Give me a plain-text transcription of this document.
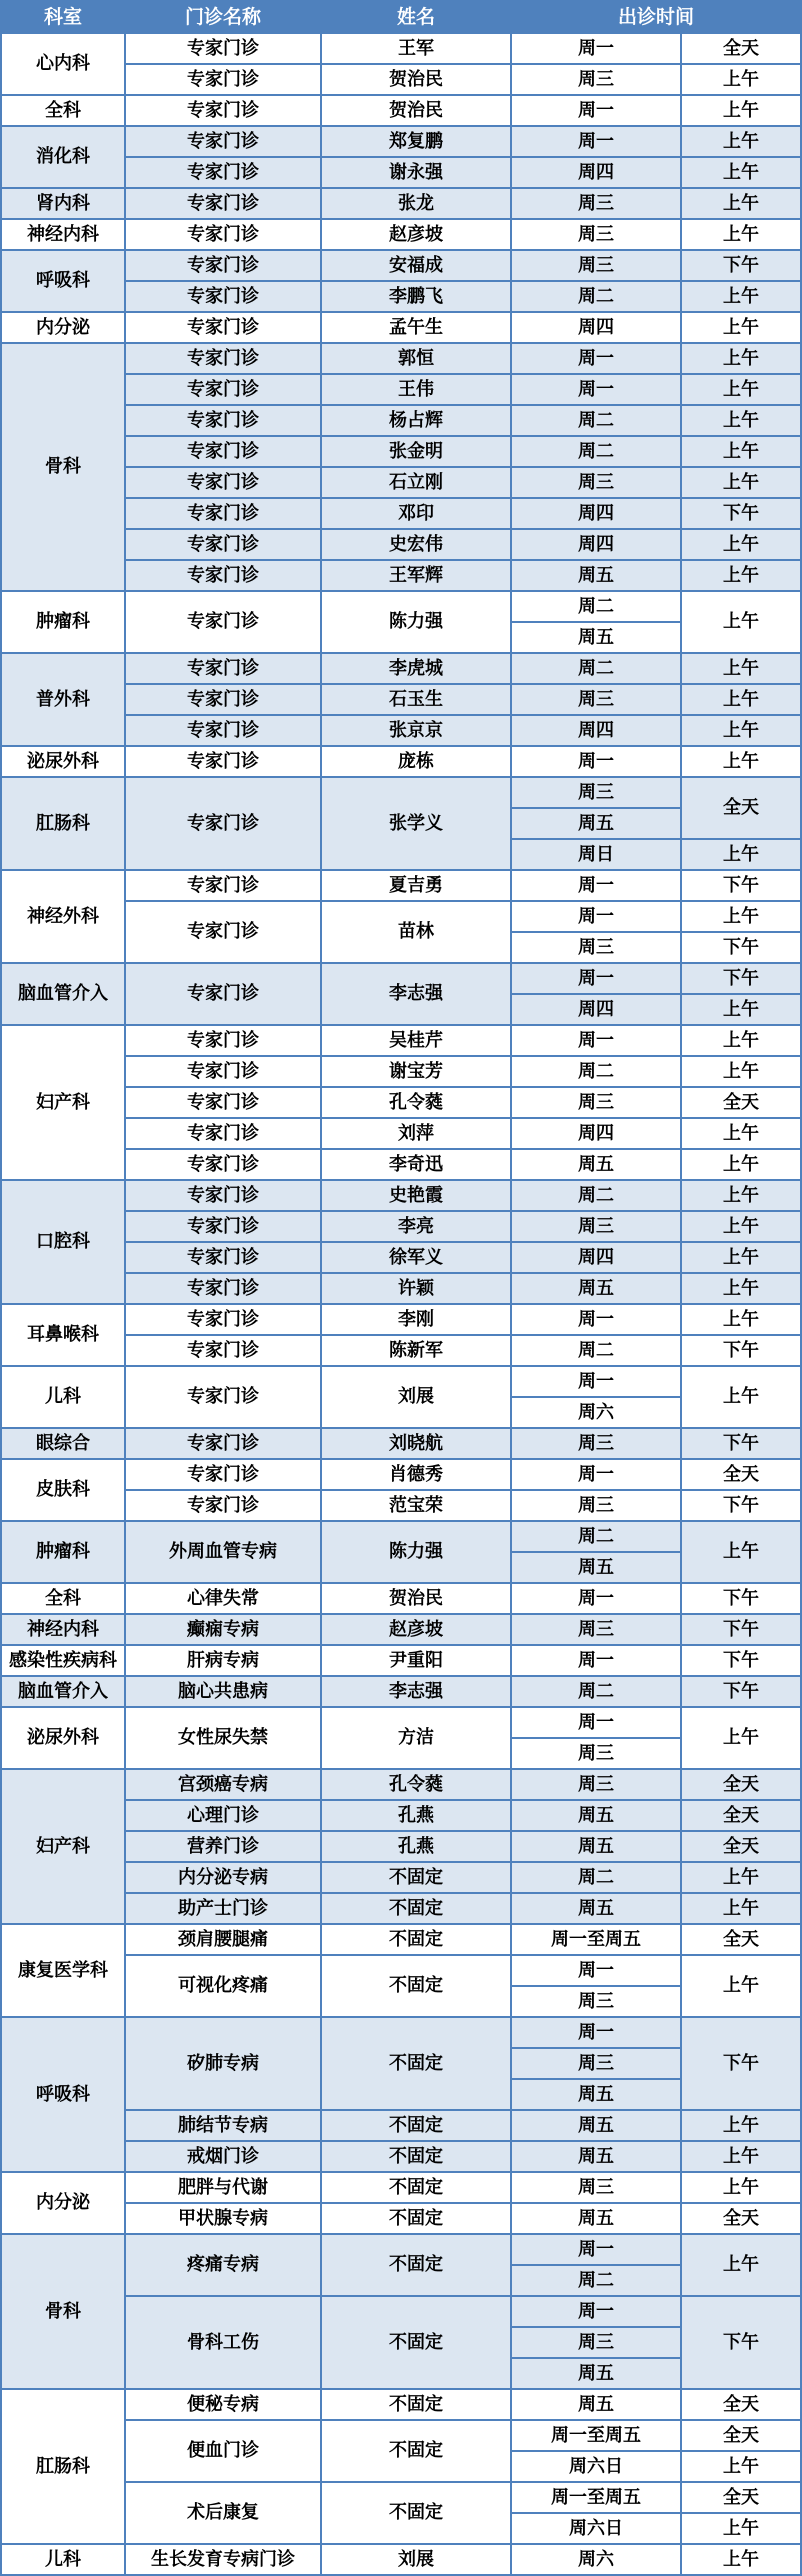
科室	门诊名称	姓名	出诊时间	
心内科	专家门诊	王军	周一	全天
	专家门诊	贺治民	周三	上午
全科	专家门诊	贺治民	周一	上午
消化科	专家门诊	郑复鹏	周一	上午
	专家门诊	谢永强	周四	上午
肾内科	专家门诊	张龙	周三	上午
神经内科	专家门诊	赵彦坡	周三	上午
呼吸科	专家门诊	安福成	周三	下午
	专家门诊	李鹏飞	周二	上午
内分泌	专家门诊	孟午生	周四	上午
骨科	专家门诊	郭恒	周一	上午
	专家门诊	王伟	周一	上午
	专家门诊	杨占辉	周二	上午
	专家门诊	张金明	周二	上午
	专家门诊	石立刚	周三	上午
	专家门诊	邓印	周四	下午
	专家门诊	史宏伟	周四	上午
	专家门诊	王军辉	周五	上午
肿瘤科	专家门诊	陈力强	周二	上午
			周五	
普外科	专家门诊	李虎城	周二	上午
	专家门诊	石玉生	周三	上午
	专家门诊	张京京	周四	上午
泌尿外科	专家门诊	庞栋	周一	上午
肛肠科	专家门诊	张学义	周三	全天
			周五	
			周日	上午
神经外科	专家门诊	夏吉勇	周一	下午
	专家门诊	苗林	周一	上午
			周三	下午
脑血管介入	专家门诊	李志强	周一	下午
			周四	上午
妇产科	专家门诊	吴桂芹	周一	上午
	专家门诊	谢宝芳	周二	上午
	专家门诊	孔令蕤	周三	全天
	专家门诊	刘萍	周四	上午
	专家门诊	李奇迅	周五	上午
口腔科	专家门诊	史艳霞	周二	上午
	专家门诊	李亮	周三	上午
	专家门诊	徐军义	周四	上午
	专家门诊	许颖	周五	上午
耳鼻喉科	专家门诊	李刚	周一	上午
	专家门诊	陈新军	周二	下午
儿科	专家门诊	刘展	周一	上午
			周六	
眼综合	专家门诊	刘晓航	周三	下午
皮肤科	专家门诊	肖德秀	周一	全天
	专家门诊	范宝荣	周三	下午
肿瘤科	外周血管专病	陈力强	周二	上午
			周五	
全科	心律失常	贺治民	周一	下午
神经内科	癫痫专病	赵彦坡	周三	下午
感染性疾病科	肝病专病	尹重阳	周一	下午
脑血管介入	脑心共患病	李志强	周二	下午
泌尿外科	女性尿失禁	方洁	周一	上午
			周三	
妇产科	宫颈癌专病	孔令蕤	周三	全天
	心理门诊	孔燕	周五	全天
	营养门诊	孔燕	周五	全天
	内分泌专病	不固定	周二	上午
	助产士门诊	不固定	周五	上午
康复医学科	颈肩腰腿痛	不固定	周一至周五	全天
	可视化疼痛	不固定	周一	上午
			周三	
呼吸科	矽肺专病	不固定	周一	下午
			周三	
			周五	
	肺结节专病	不固定	周五	上午
	戒烟门诊	不固定	周五	上午
内分泌	肥胖与代谢	不固定	周三	上午
	甲状腺专病	不固定	周五	全天
骨科	疼痛专病	不固定	周一	上午
			周二	
	骨科工伤	不固定	周一	下午
			周三	
			周五	
肛肠科	便秘专病	不固定	周五	全天
	便血门诊	不固定	周一至周五	全天
			周六日	上午
	术后康复	不固定	周一至周五	全天
			周六日	上午
儿科	生长发育专病门诊	刘展	周六	上午
